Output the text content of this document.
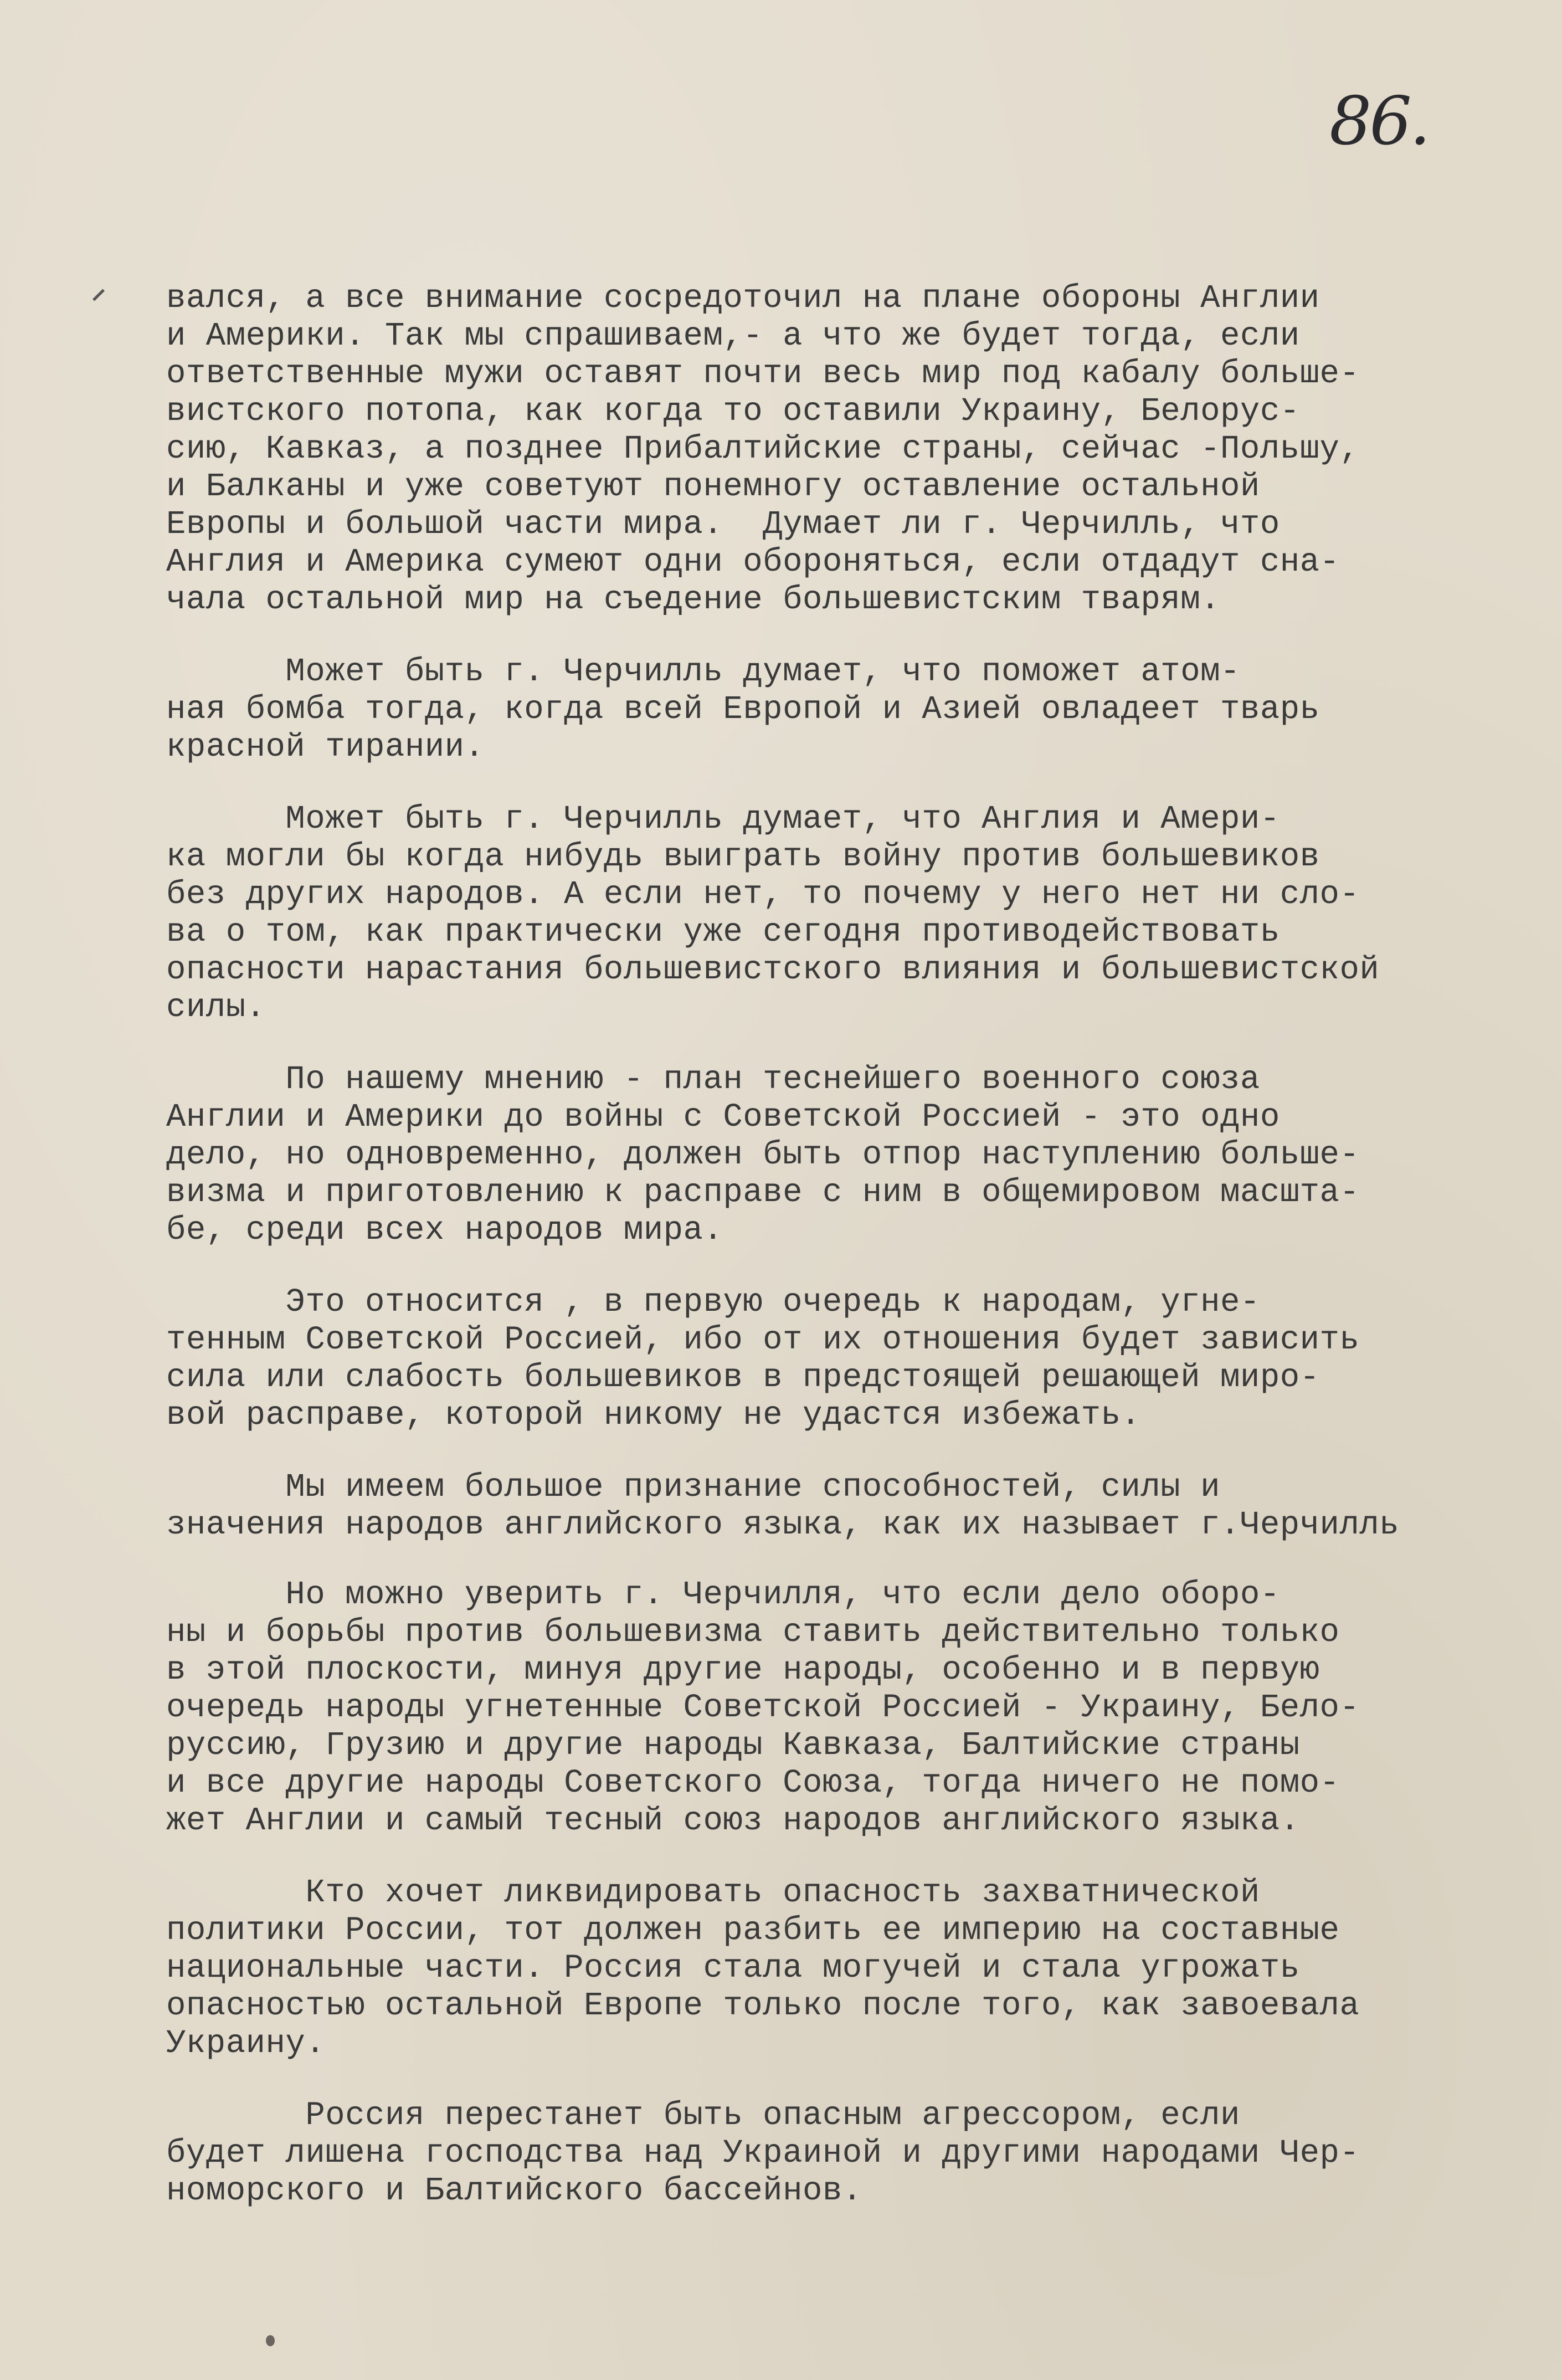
86.
вался, а все внимание сосредоточил на плане обороны Англии
и Америки. Так мы спрашиваем,- а что же будет тогда, если
ответственные мужи оставят почти весь мир под кабалу больше-
вистского потопа, как когда то оставили Украину, Белорус-
сию, Кавказ, а позднее Прибалтийские страны, сейчас -Польшу,
и Балканы и уже советуют понемногу оставление остальной
Европы и большой части мира.  Думает ли г. Черчилль, что
Англия и Америка сумеют одни обороняться, если отдадут сна-
чала остальной мир на съедение большевистским тварям.
Может быть г. Черчилль думает, что поможет атом-
ная бомба тогда, когда всей Европой и Азией овладеет тварь
красной тирании.
Может быть г. Черчилль думает, что Англия и Амери-
ка могли бы когда нибудь выиграть войну против большевиков
без других народов. А если нет, то почему у него нет ни сло-
ва о том, как практически уже сегодня противодействовать
опасности нарастания большевистского влияния и большевистской
силы.
По нашему мнению - план теснейшего военного союза
Англии и Америки до войны с Советской Россией - это одно
дело, но одновременно, должен быть отпор наступлению больше-
визма и приготовлению к расправе с ним в общемировом масшта-
бе, среди всех народов мира.
Это относится , в первую очередь к народам, угне-
тенным Советской Россией, ибо от их отношения будет зависить
сила или слабость большевиков в предстоящей решающей миро-
вой расправе, которой никому не удастся избежать.
Мы имеем большое признание способностей, силы и
значения народов английского языка, как их называет г.Черчилль
Но можно уверить г. Черчилля, что если дело оборо-
ны и борьбы против большевизма ставить действительно только
в этой плоскости, минуя другие народы, особенно и в первую
очередь народы угнетенные Советской Россией - Украину, Бело-
руссию, Грузию и другие народы Кавказа, Балтийские страны
и все другие народы Советского Союза, тогда ничего не помо-
жет Англии и самый тесный союз народов английского языка.
Кто хочет ликвидировать опасность захватнической
политики России, тот должен разбить ее империю на составные
национальные части. Россия стала могучей и стала угрожать
опасностью остальной Европе только после того, как завоевала
Украину.
Россия перестанет быть опасным агрессором, если
будет лишена господства над Украиной и другими народами Чер-
номорского и Балтийского бассейнов.
